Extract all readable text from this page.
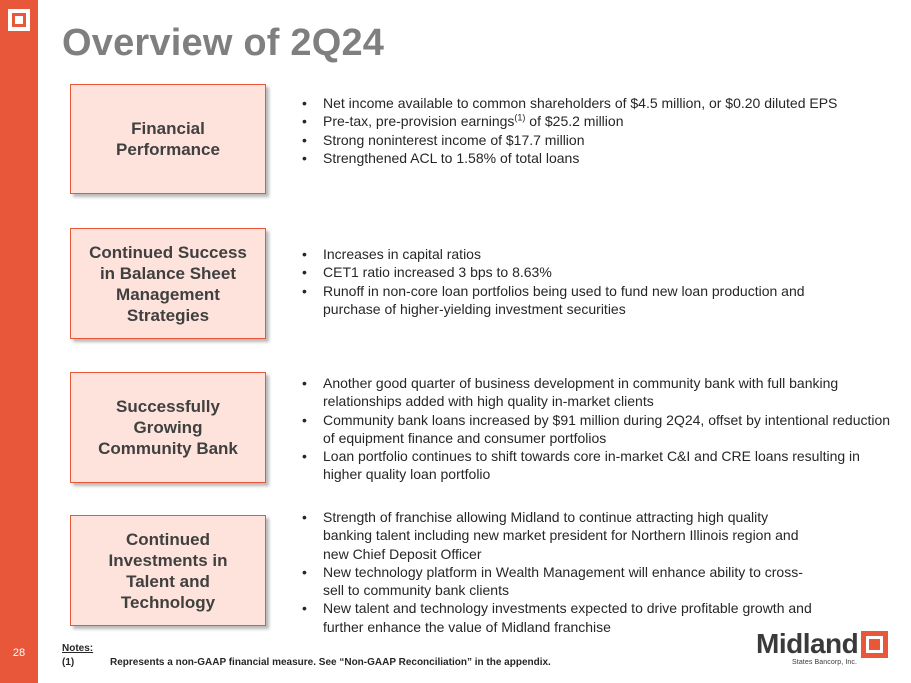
28
Overview of 2Q24
Financial
Performance
• Net income available to common shareholders of $4.5 million, or $0.20 diluted EPS
• Pre-tax, pre-provision earnings$^{(1)}$ of $25.2 million
• Strong noninterest income of $17.7 million
• Strengthened ACL to 1.58% of total loans
Continued Success
in Balance Sheet
Management
Strategies
• Increases in capital ratios
• CET1 ratio increased 3 bps to 8.63%
• Runoff in non-core loan portfolios being used to fund new loan production and purchase of higher-yielding investment securities
Successfully
Growing
Community Bank
• Another good quarter of business development in community bank with full banking relationships added with high quality in-market clients
• Community bank loans increased by $91 million during 2Q24, offset by intentional reduction of equipment finance and consumer portfolios
• Loan portfolio continues to shift towards core in-market C&I and CRE loans resulting in higher quality loan portfolio
Continued
Investments in
Talent and
Technology
• Strength of franchise allowing Midland to continue attracting high quality banking talent including new market president for Northern Illinois region and new Chief Deposit Officer
• New technology platform in Wealth Management will enhance ability to cross-sell to community bank clients
• New talent and technology investments expected to drive profitable growth and further enhance the value of Midland franchise
Notes:
(1)	Represents a non-GAAP financial measure. See “Non-GAAP Reconciliation” in the appendix.
Midland
States Bancorp, Inc.
